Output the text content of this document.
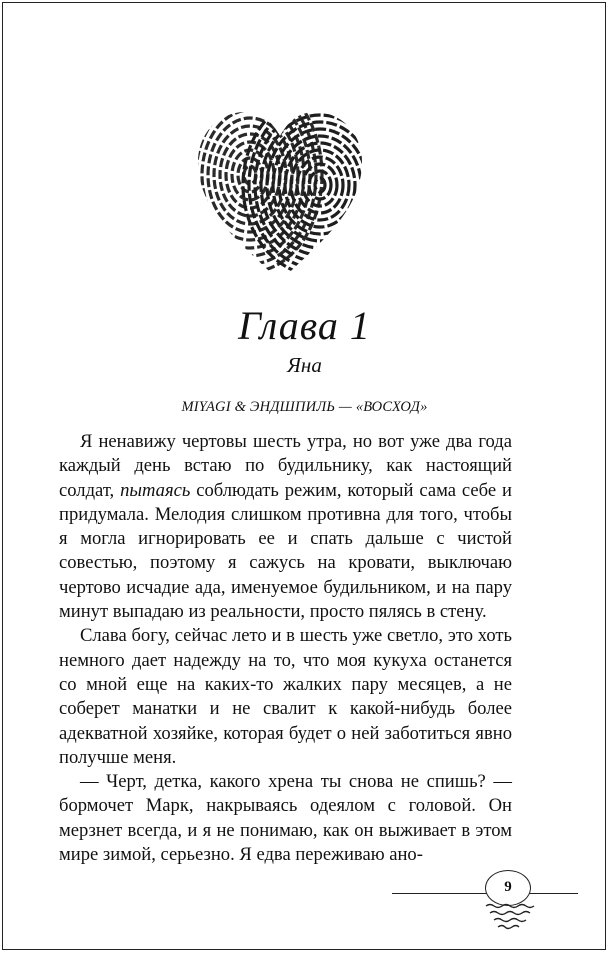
Глава 1
Яна
MIYAGI & ЭНДШПИЛЬ — «ВОСХОД»

Я ненавижу чертовы шесть утра, но вот уже два года каждый день встаю по будильнику, как настоящий солдат, пытаясь соблюдать режим, который сама себе и придумала. Мелодия слишком противна для того, чтобы я могла игнорировать ее и спать дальше с чистой совестью, поэтому я сажусь на кровати, выключаю чертово исчадие ада, именуемое будильником, и на пару минут выпадаю из реальности, просто пялясь в стену.

Слава богу, сейчас лето и в шесть уже светло, это хоть немного дает надежду на то, что моя кукуха останется со мной еще на каких-то жалких пару месяцев, а не соберет манатки и не свалит к какой-нибудь более адекватной хозяйке, которая будет о ней заботиться явно получше меня.

— Черт, детка, какого хрена ты снова не спишь? — бормочет Марк, накрываясь одеялом с головой. Он мерзнет всегда, и я не понимаю, как он выживает в этом мире зимой, серьезно. Я едва переживаю ано-

9
